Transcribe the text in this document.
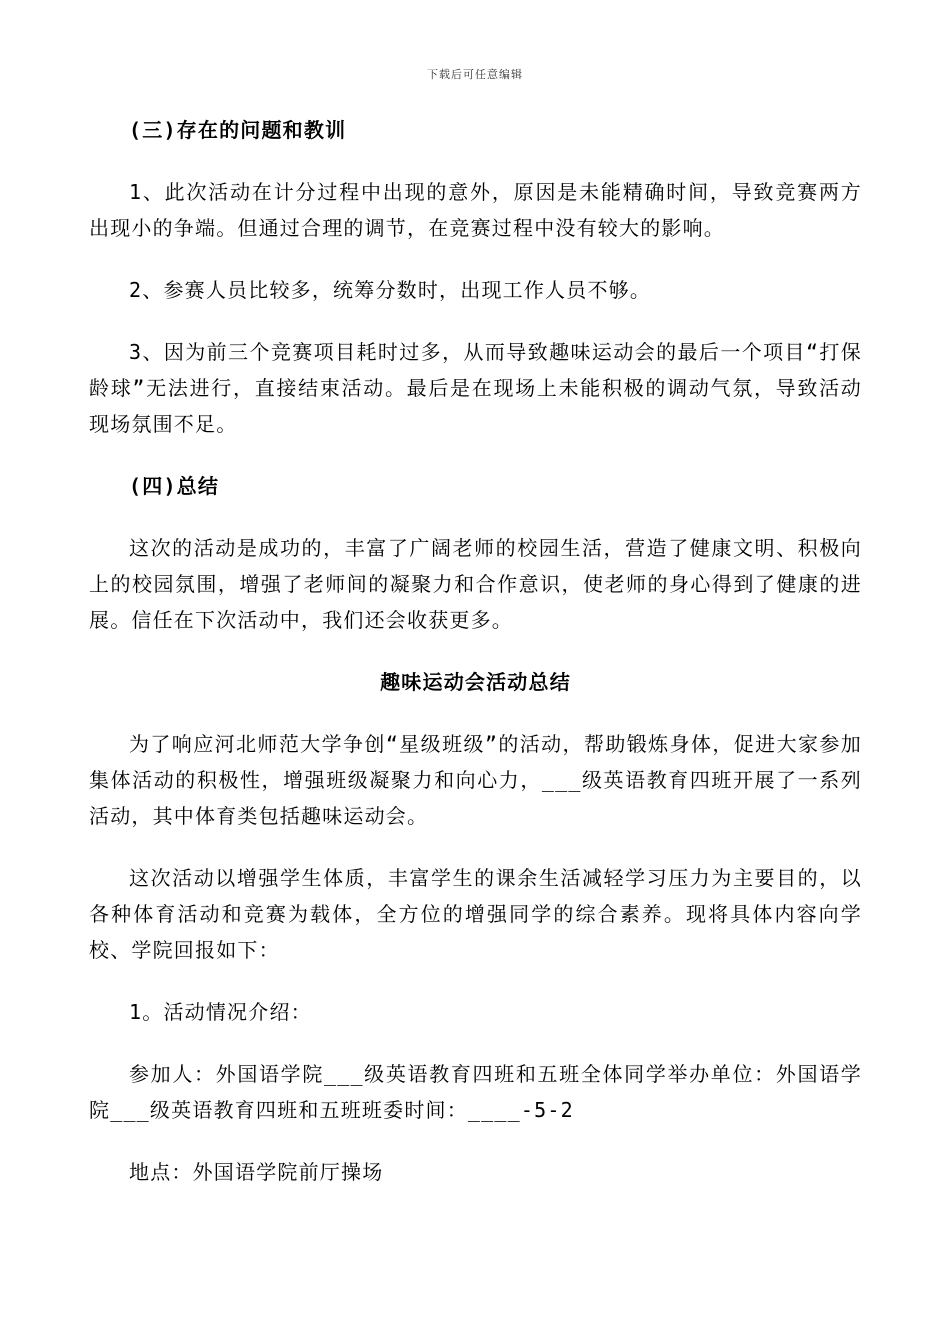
下载后可任意编辑

(三)存在的问题和教训

1、此次活动在计分过程中出现的意外，原因是未能精确时间，导致竞赛两方出现小的争端。但通过合理的调节，在竞赛过程中没有较大的影响。

2、参赛人员比较多，统筹分数时，出现工作人员不够。

3、因为前三个竞赛项目耗时过多，从而导致趣味运动会的最后一个项目“打保龄球”无法进行，直接结束活动。最后是在现场上未能积极的调动气氛，导致活动现场氛围不足。

(四)总结

这次的活动是成功的，丰富了广阔老师的校园生活，营造了健康文明、积极向上的校园氛围，增强了老师间的凝聚力和合作意识，使老师的身心得到了健康的进展。信任在下次活动中，我们还会收获更多。

趣味运动会活动总结

为了响应河北师范大学争创“星级班级”的活动，帮助锻炼身体，促进大家参加集体活动的积极性，增强班级凝聚力和向心力，___级英语教育四班开展了一系列活动，其中体育类包括趣味运动会。

这次活动以增强学生体质，丰富学生的课余生活减轻学习压力为主要目的，以各种体育活动和竞赛为载体，全方位的增强同学的综合素养。现将具体内容向学校、学院回报如下：

1。活动情况介绍：

参加人：外国语学院___级英语教育四班和五班全体同学举办单位：外国语学院___级英语教育四班和五班班委时间：____-5-2

地点：外国语学院前厅操场
